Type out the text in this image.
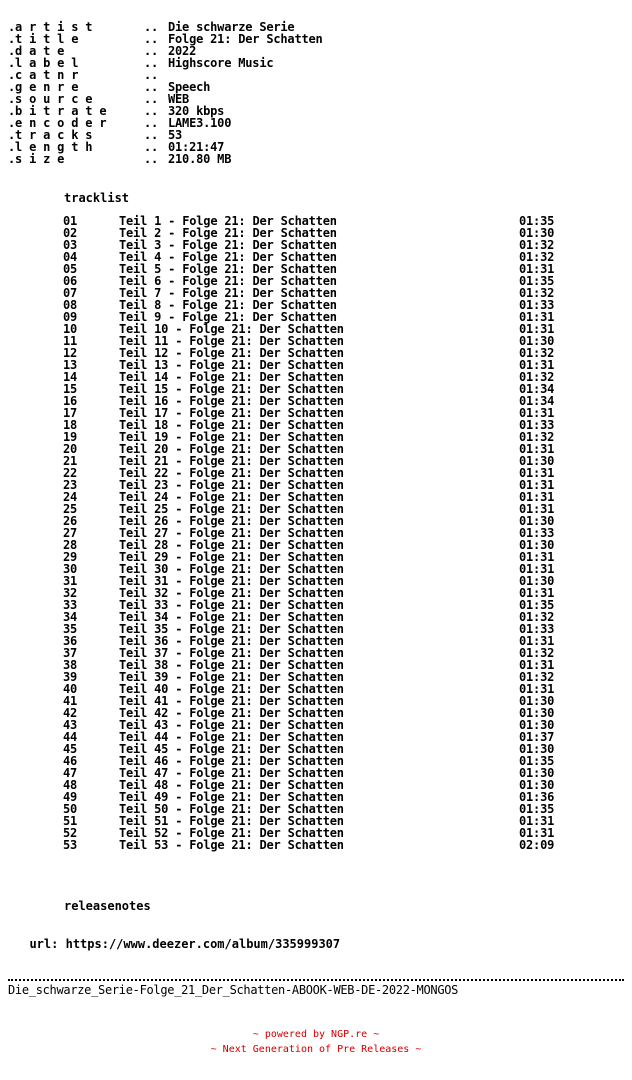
.a r t i s t	.. Die schwarze Serie
.t i t l e	.. Folge 21: Der Schatten
.d a t e	.. 2022
.l a b e l	.. Highscore Music
.c a t n r	..
.g e n r e	.. Speech
.s o u r c e	.. WEB
.b i t r a t e	.. 320 kbps
.e n c o d e r	.. LAME3.100
.t r a c k s	.. 53
.l e n g t h	.. 01:21:47
.s i z e	.. 210.80 MB
tracklist
01	Teil 1 - Folge 21: Der Schatten	01:35
02	Teil 2 - Folge 21: Der Schatten	01:30
03	Teil 3 - Folge 21: Der Schatten	01:32
04	Teil 4 - Folge 21: Der Schatten	01:32
05	Teil 5 - Folge 21: Der Schatten	01:31
06	Teil 6 - Folge 21: Der Schatten	01:35
07	Teil 7 - Folge 21: Der Schatten	01:32
08	Teil 8 - Folge 21: Der Schatten	01:33
09	Teil 9 - Folge 21: Der Schatten	01:31
10	Teil 10 - Folge 21: Der Schatten	01:31
11	Teil 11 - Folge 21: Der Schatten	01:30
12	Teil 12 - Folge 21: Der Schatten	01:32
13	Teil 13 - Folge 21: Der Schatten	01:31
14	Teil 14 - Folge 21: Der Schatten	01:32
15	Teil 15 - Folge 21: Der Schatten	01:34
16	Teil 16 - Folge 21: Der Schatten	01:34
17	Teil 17 - Folge 21: Der Schatten	01:31
18	Teil 18 - Folge 21: Der Schatten	01:33
19	Teil 19 - Folge 21: Der Schatten	01:32
20	Teil 20 - Folge 21: Der Schatten	01:31
21	Teil 21 - Folge 21: Der Schatten	01:30
22	Teil 22 - Folge 21: Der Schatten	01:31
23	Teil 23 - Folge 21: Der Schatten	01:31
24	Teil 24 - Folge 21: Der Schatten	01:31
25	Teil 25 - Folge 21: Der Schatten	01:31
26	Teil 26 - Folge 21: Der Schatten	01:30
27	Teil 27 - Folge 21: Der Schatten	01:33
28	Teil 28 - Folge 21: Der Schatten	01:30
29	Teil 29 - Folge 21: Der Schatten	01:31
30	Teil 30 - Folge 21: Der Schatten	01:31
31	Teil 31 - Folge 21: Der Schatten	01:30
32	Teil 32 - Folge 21: Der Schatten	01:31
33	Teil 33 - Folge 21: Der Schatten	01:35
34	Teil 34 - Folge 21: Der Schatten	01:32
35	Teil 35 - Folge 21: Der Schatten	01:33
36	Teil 36 - Folge 21: Der Schatten	01:31
37	Teil 37 - Folge 21: Der Schatten	01:32
38	Teil 38 - Folge 21: Der Schatten	01:31
39	Teil 39 - Folge 21: Der Schatten	01:32
40	Teil 40 - Folge 21: Der Schatten	01:31
41	Teil 41 - Folge 21: Der Schatten	01:30
42	Teil 42 - Folge 21: Der Schatten	01:30
43	Teil 43 - Folge 21: Der Schatten	01:30
44	Teil 44 - Folge 21: Der Schatten	01:37
45	Teil 45 - Folge 21: Der Schatten	01:30
46	Teil 46 - Folge 21: Der Schatten	01:35
47	Teil 47 - Folge 21: Der Schatten	01:30
48	Teil 48 - Folge 21: Der Schatten	01:30
49	Teil 49 - Folge 21: Der Schatten	01:36
50	Teil 50 - Folge 21: Der Schatten	01:35
51	Teil 51 - Folge 21: Der Schatten	01:31
52	Teil 52 - Folge 21: Der Schatten	01:31
53	Teil 53 - Folge 21: Der Schatten	02:09
releasenotes

url: https://www.deezer.com/album/335999307

Die_schwarze_Serie-Folge_21_Der_Schatten-ABOOK-WEB-DE-2022-MONGOS
~ powered by NGP.re ~
~ Next Generation of Pre Releases ~
